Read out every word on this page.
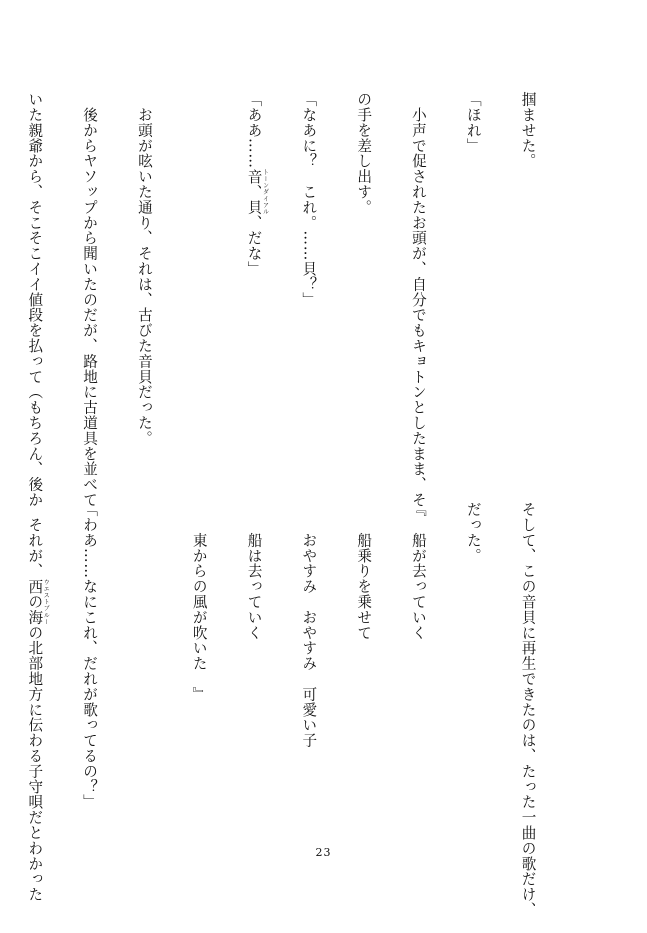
掴ませた。

「ほれ」

　小声で促されたお頭が、自分でもキョトンとしたまま、そ

の手を差し出す。

「なあに？　これ。……貝？」

「ああ……音、貝 トーンダイアル、だな」

　お頭が呟いた通り、それは、古びた音貝だった。

　後からヤソップから聞いたのだが、路地に古道具を並べて

いた親爺から、そこそこイイ値段を払って（もちろん、後か

そして、この音貝に再生できたのは、たった一曲の歌だけ、

だった。

『　船が去っていく

　　船乗りを乗せて

　　おやすみ　おやすみ　可愛い子

　　船は去っていく

　　東からの風が吹いた　』

「わあ……なにこれ、だれが歌ってるの？」

　それが、西の海 ウエストブルーの北部地方に伝わる子守唄だとわかった

	23
